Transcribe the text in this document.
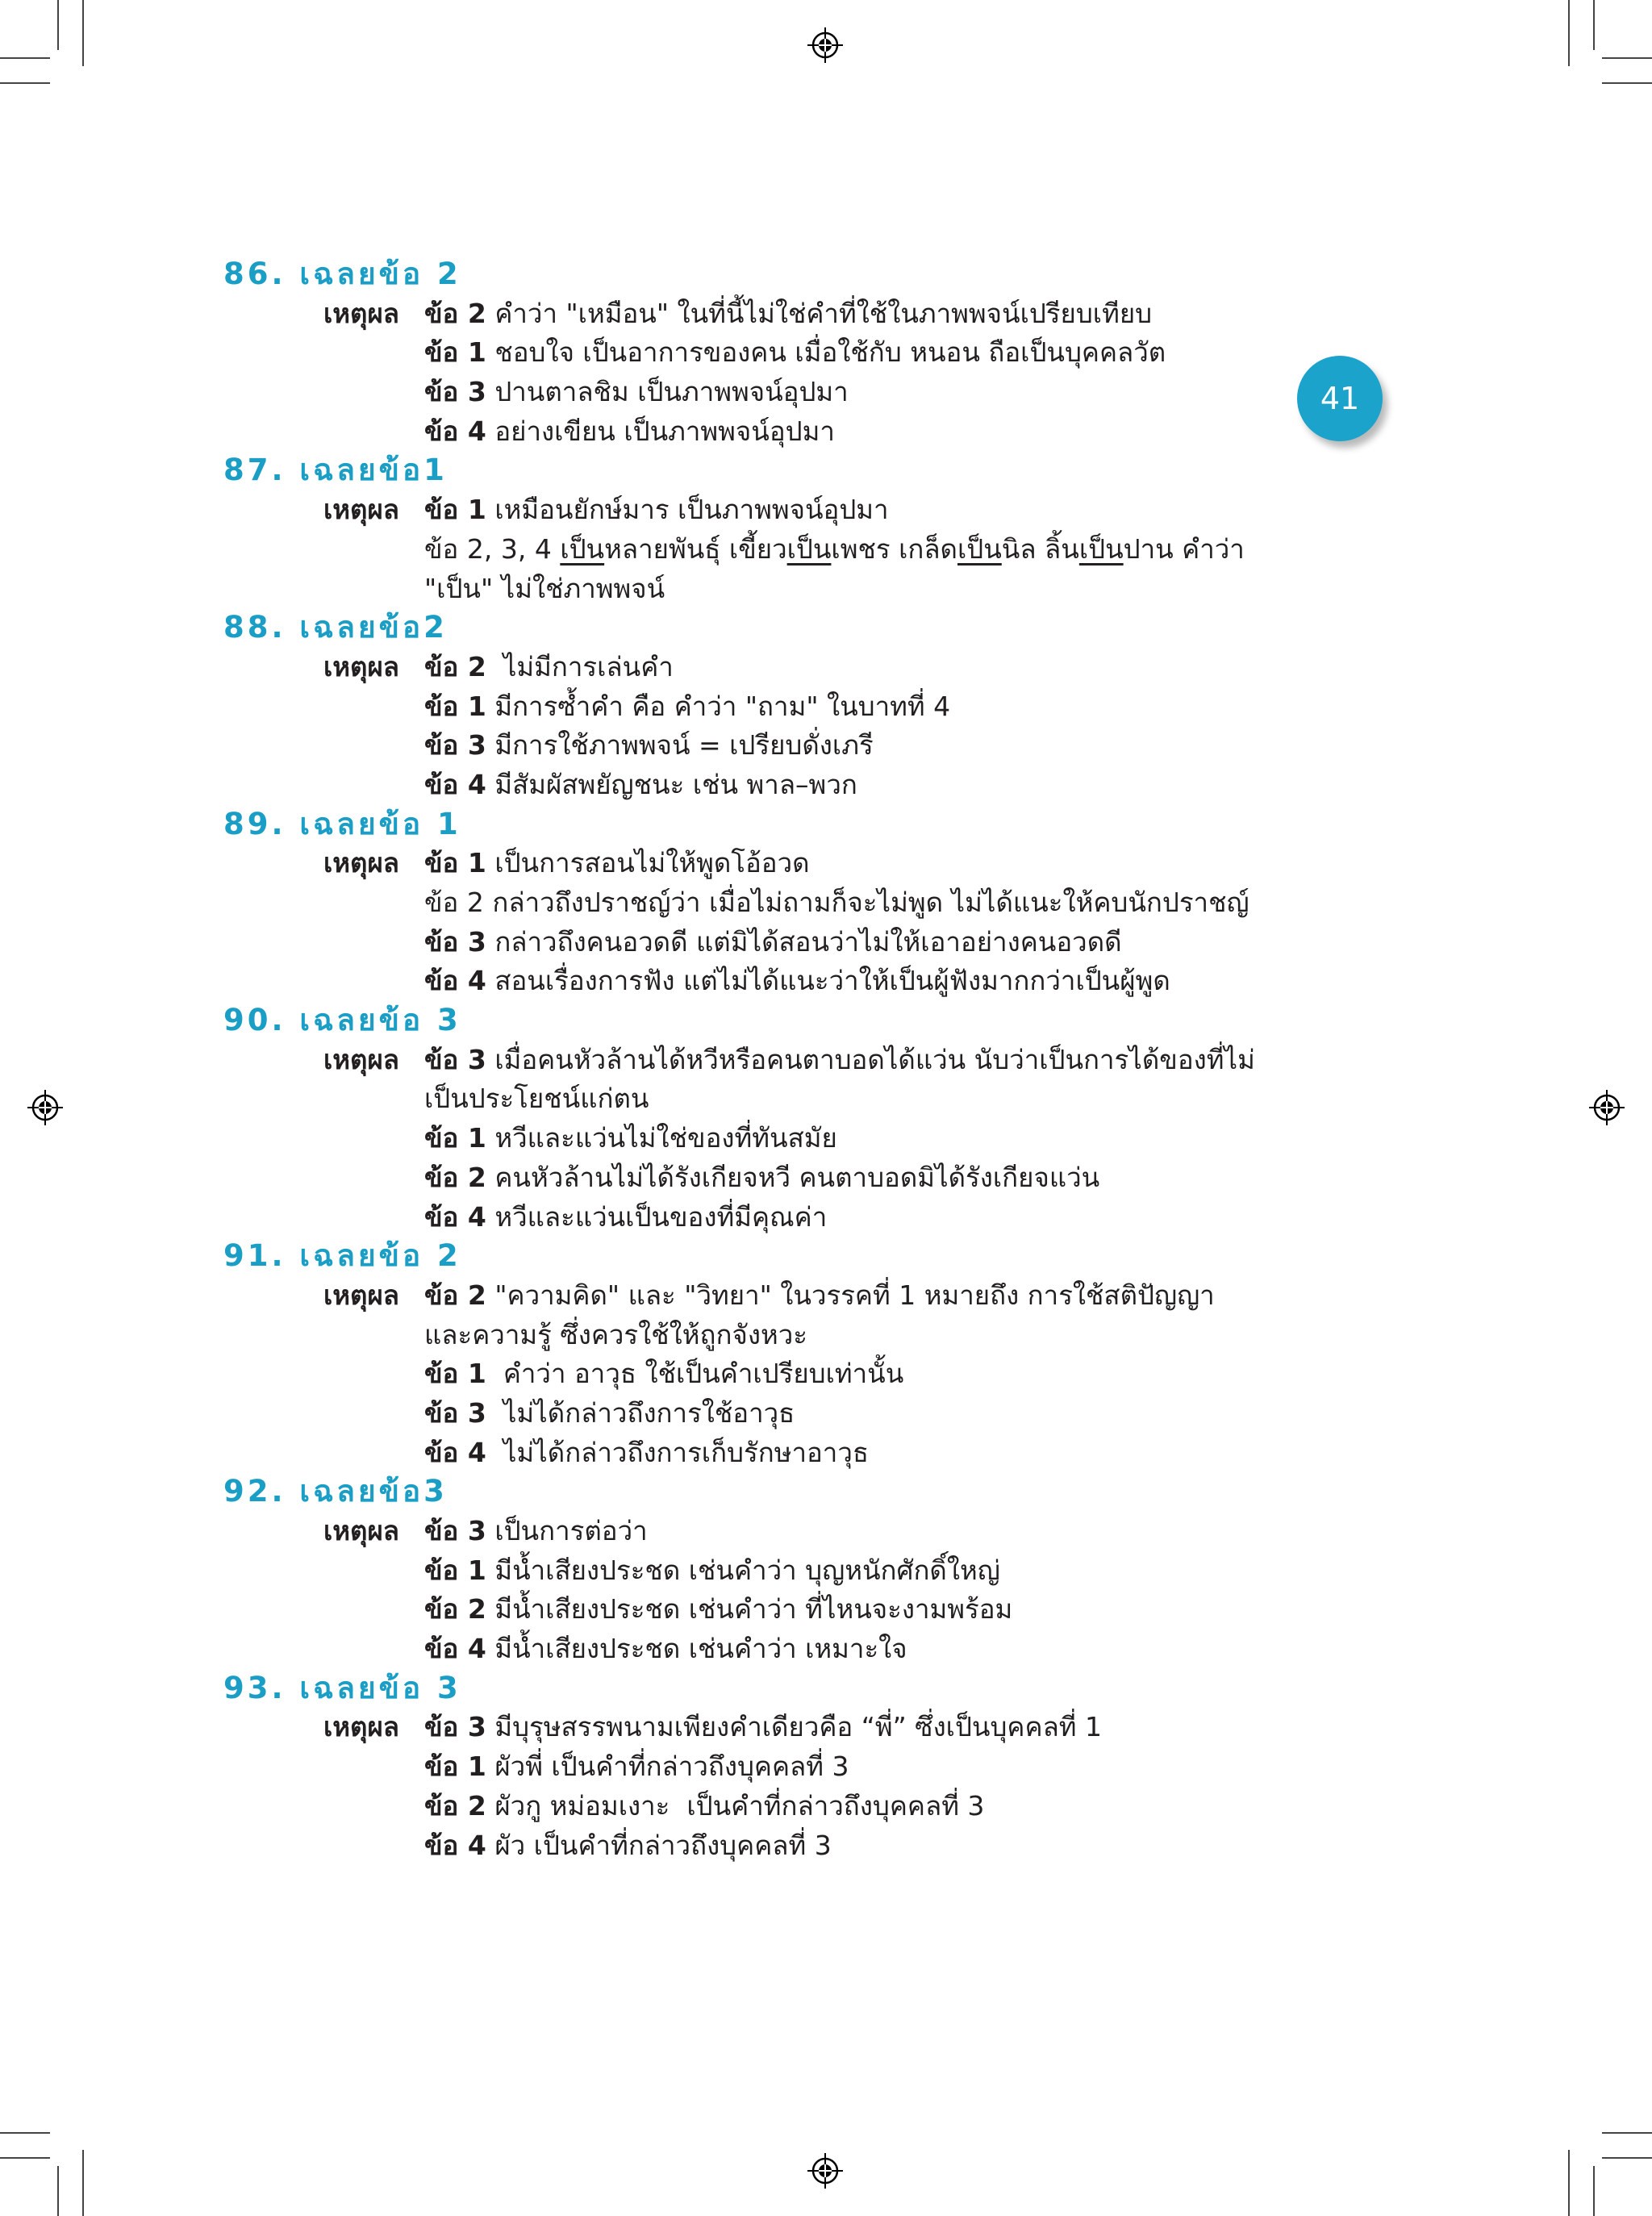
41
86. เฉลยข้อ 2
เหตุผล ข้อ 2 คำว่า "เหมือน" ในที่นี้ไม่ใช่คำที่ใช้ในภาพพจน์เปรียบเทียบ
ข้อ 1 ชอบใจ เป็นอาการของคน เมื่อใช้กับ หนอน ถือเป็นบุคคลวัต
ข้อ 3 ปานตาลชิม เป็นภาพพจน์อุปมา
ข้อ 4 อย่างเขียน เป็นภาพพจน์อุปมา
87. เฉลยข้อ1
เหตุผล ข้อ 1 เหมือนยักษ์มาร เป็นภาพพจน์อุปมา
ข้อ 2, 3, 4 เป็นหลายพันธุ์ เขี้ยวเป็นเพชร เกล็ดเป็นนิล ลิ้นเป็นปาน คำว่า
"เป็น" ไม่ใช่ภาพพจน์
88. เฉลยข้อ2
เหตุผล ข้อ 2  ไม่มีการเล่นคำ
ข้อ 1 มีการซ้ำคำ คือ คำว่า "ถาม" ในบาทที่ 4
ข้อ 3 มีการใช้ภาพพจน์ = เปรียบดั่งเภรี
ข้อ 4 มีสัมผัสพยัญชนะ เช่น พาล–พวก
89. เฉลยข้อ 1
เหตุผล ข้อ 1 เป็นการสอนไม่ให้พูดโอ้อวด
ข้อ 2 กล่าวถึงปราชญ์ว่า เมื่อไม่ถามก็จะไม่พูด ไม่ได้แนะให้คบนักปราชญ์
ข้อ 3 กล่าวถึงคนอวดดี แต่มิได้สอนว่าไม่ให้เอาอย่างคนอวดดี
ข้อ 4 สอนเรื่องการฟัง แต่ไม่ได้แนะว่าให้เป็นผู้ฟังมากกว่าเป็นผู้พูด
90. เฉลยข้อ 3
เหตุผล ข้อ 3 เมื่อคนหัวล้านได้หวีหรือคนตาบอดได้แว่น นับว่าเป็นการได้ของที่ไม่
เป็นประโยชน์แก่ตน
ข้อ 1 หวีและแว่นไม่ใช่ของที่ทันสมัย
ข้อ 2 คนหัวล้านไม่ได้รังเกียจหวี คนตาบอดมิได้รังเกียจแว่น
ข้อ 4 หวีและแว่นเป็นของที่มีคุณค่า
91. เฉลยข้อ 2
เหตุผล ข้อ 2 "ความคิด" และ "วิทยา" ในวรรคที่ 1 หมายถึง การใช้สติปัญญา
และความรู้ ซึ่งควรใช้ให้ถูกจังหวะ
ข้อ 1  คำว่า อาวุธ ใช้เป็นคำเปรียบเท่านั้น
ข้อ 3  ไม่ได้กล่าวถึงการใช้อาวุธ
ข้อ 4  ไม่ได้กล่าวถึงการเก็บรักษาอาวุธ
92. เฉลยข้อ3
เหตุผล ข้อ 3 เป็นการต่อว่า
ข้อ 1 มีน้ำเสียงประชด เช่นคำว่า บุญหนักศักดิ์ใหญ่
ข้อ 2 มีน้ำเสียงประชด เช่นคำว่า ที่ไหนจะงามพร้อม
ข้อ 4 มีน้ำเสียงประชด เช่นคำว่า เหมาะใจ
93. เฉลยข้อ 3
เหตุผล ข้อ 3 มีบุรุษสรรพนามเพียงคำเดียวคือ “พี่” ซึ่งเป็นบุคคลที่ 1
ข้อ 1 ผัวพี่ เป็นคำที่กล่าวถึงบุคคลที่ 3
ข้อ 2 ผัวกู หม่อมเงาะ  เป็นคำที่กล่าวถึงบุคคลที่ 3
ข้อ 4 ผัว เป็นคำที่กล่าวถึงบุคคลที่ 3
